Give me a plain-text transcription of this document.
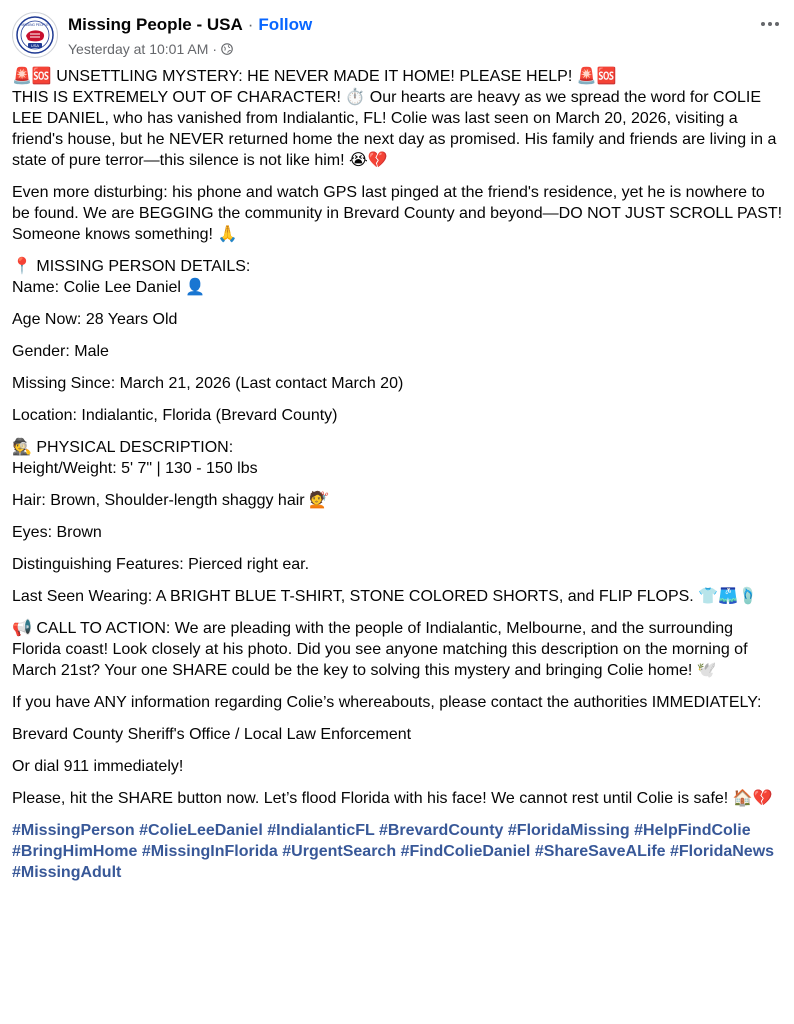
USA
MISSING PEOPLE Missing People - USA · Follow
Yesterday at 10:01 AM ·

🚨🆘 UNSETTLING MYSTERY: HE NEVER MADE IT HOME! PLEASE HELP! 🚨🆘

THIS IS EXTREMELY OUT OF CHARACTER! ⏱️ Our hearts are heavy as we spread the word for COLIE LEE DANIEL, who has vanished from Indialantic, FL! Colie was last seen on March 20, 2026, visiting a friend's house, but he NEVER returned home the next day as promised. His family and friends are living in a state of pure terror—this silence is not like him! 😭💔

Even more disturbing: his phone and watch GPS last pinged at the friend's residence, yet he is nowhere to be found. We are BEGGING the community in Brevard County and beyond—DO NOT JUST SCROLL PAST! Someone knows something! 🙏

📍 MISSING PERSON DETAILS:

Name: Colie Lee Daniel 👤

Age Now: 28 Years Old

Gender: Male

Missing Since: March 21, 2026 (Last contact March 20)

Location: Indialantic, Florida (Brevard County)

🕵️ PHYSICAL DESCRIPTION:

Height/Weight: 5' 7" | 130 - 150 lbs

Hair: Brown, Shoulder-length shaggy hair 💇

Eyes: Brown

Distinguishing Features: Pierced right ear.

Last Seen Wearing: A BRIGHT BLUE T-SHIRT, STONE COLORED SHORTS, and FLIP FLOPS. 👕🩳🩴

📢 CALL TO ACTION: We are pleading with the people of Indialantic, Melbourne, and the surrounding Florida coast! Look closely at his photo. Did you see anyone matching this description on the morning of March 21st? Your one SHARE could be the key to solving this mystery and bringing Colie home! 🕊️

If you have ANY information regarding Colie’s whereabouts, please contact the authorities IMMEDIATELY:

Brevard County Sheriff's Office / Local Law Enforcement

Or dial 911 immediately!

Please, hit the SHARE button now. Let’s flood Florida with his face! We cannot rest until Colie is safe! 🏠💔

#MissingPerson #ColieLeeDaniel #IndialanticFL #BrevardCounty #FloridaMissing #HelpFindColie #BringHimHome #MissingInFlorida #UrgentSearch #FindColieDaniel #ShareSaveALife #FloridaNews #MissingAdult
